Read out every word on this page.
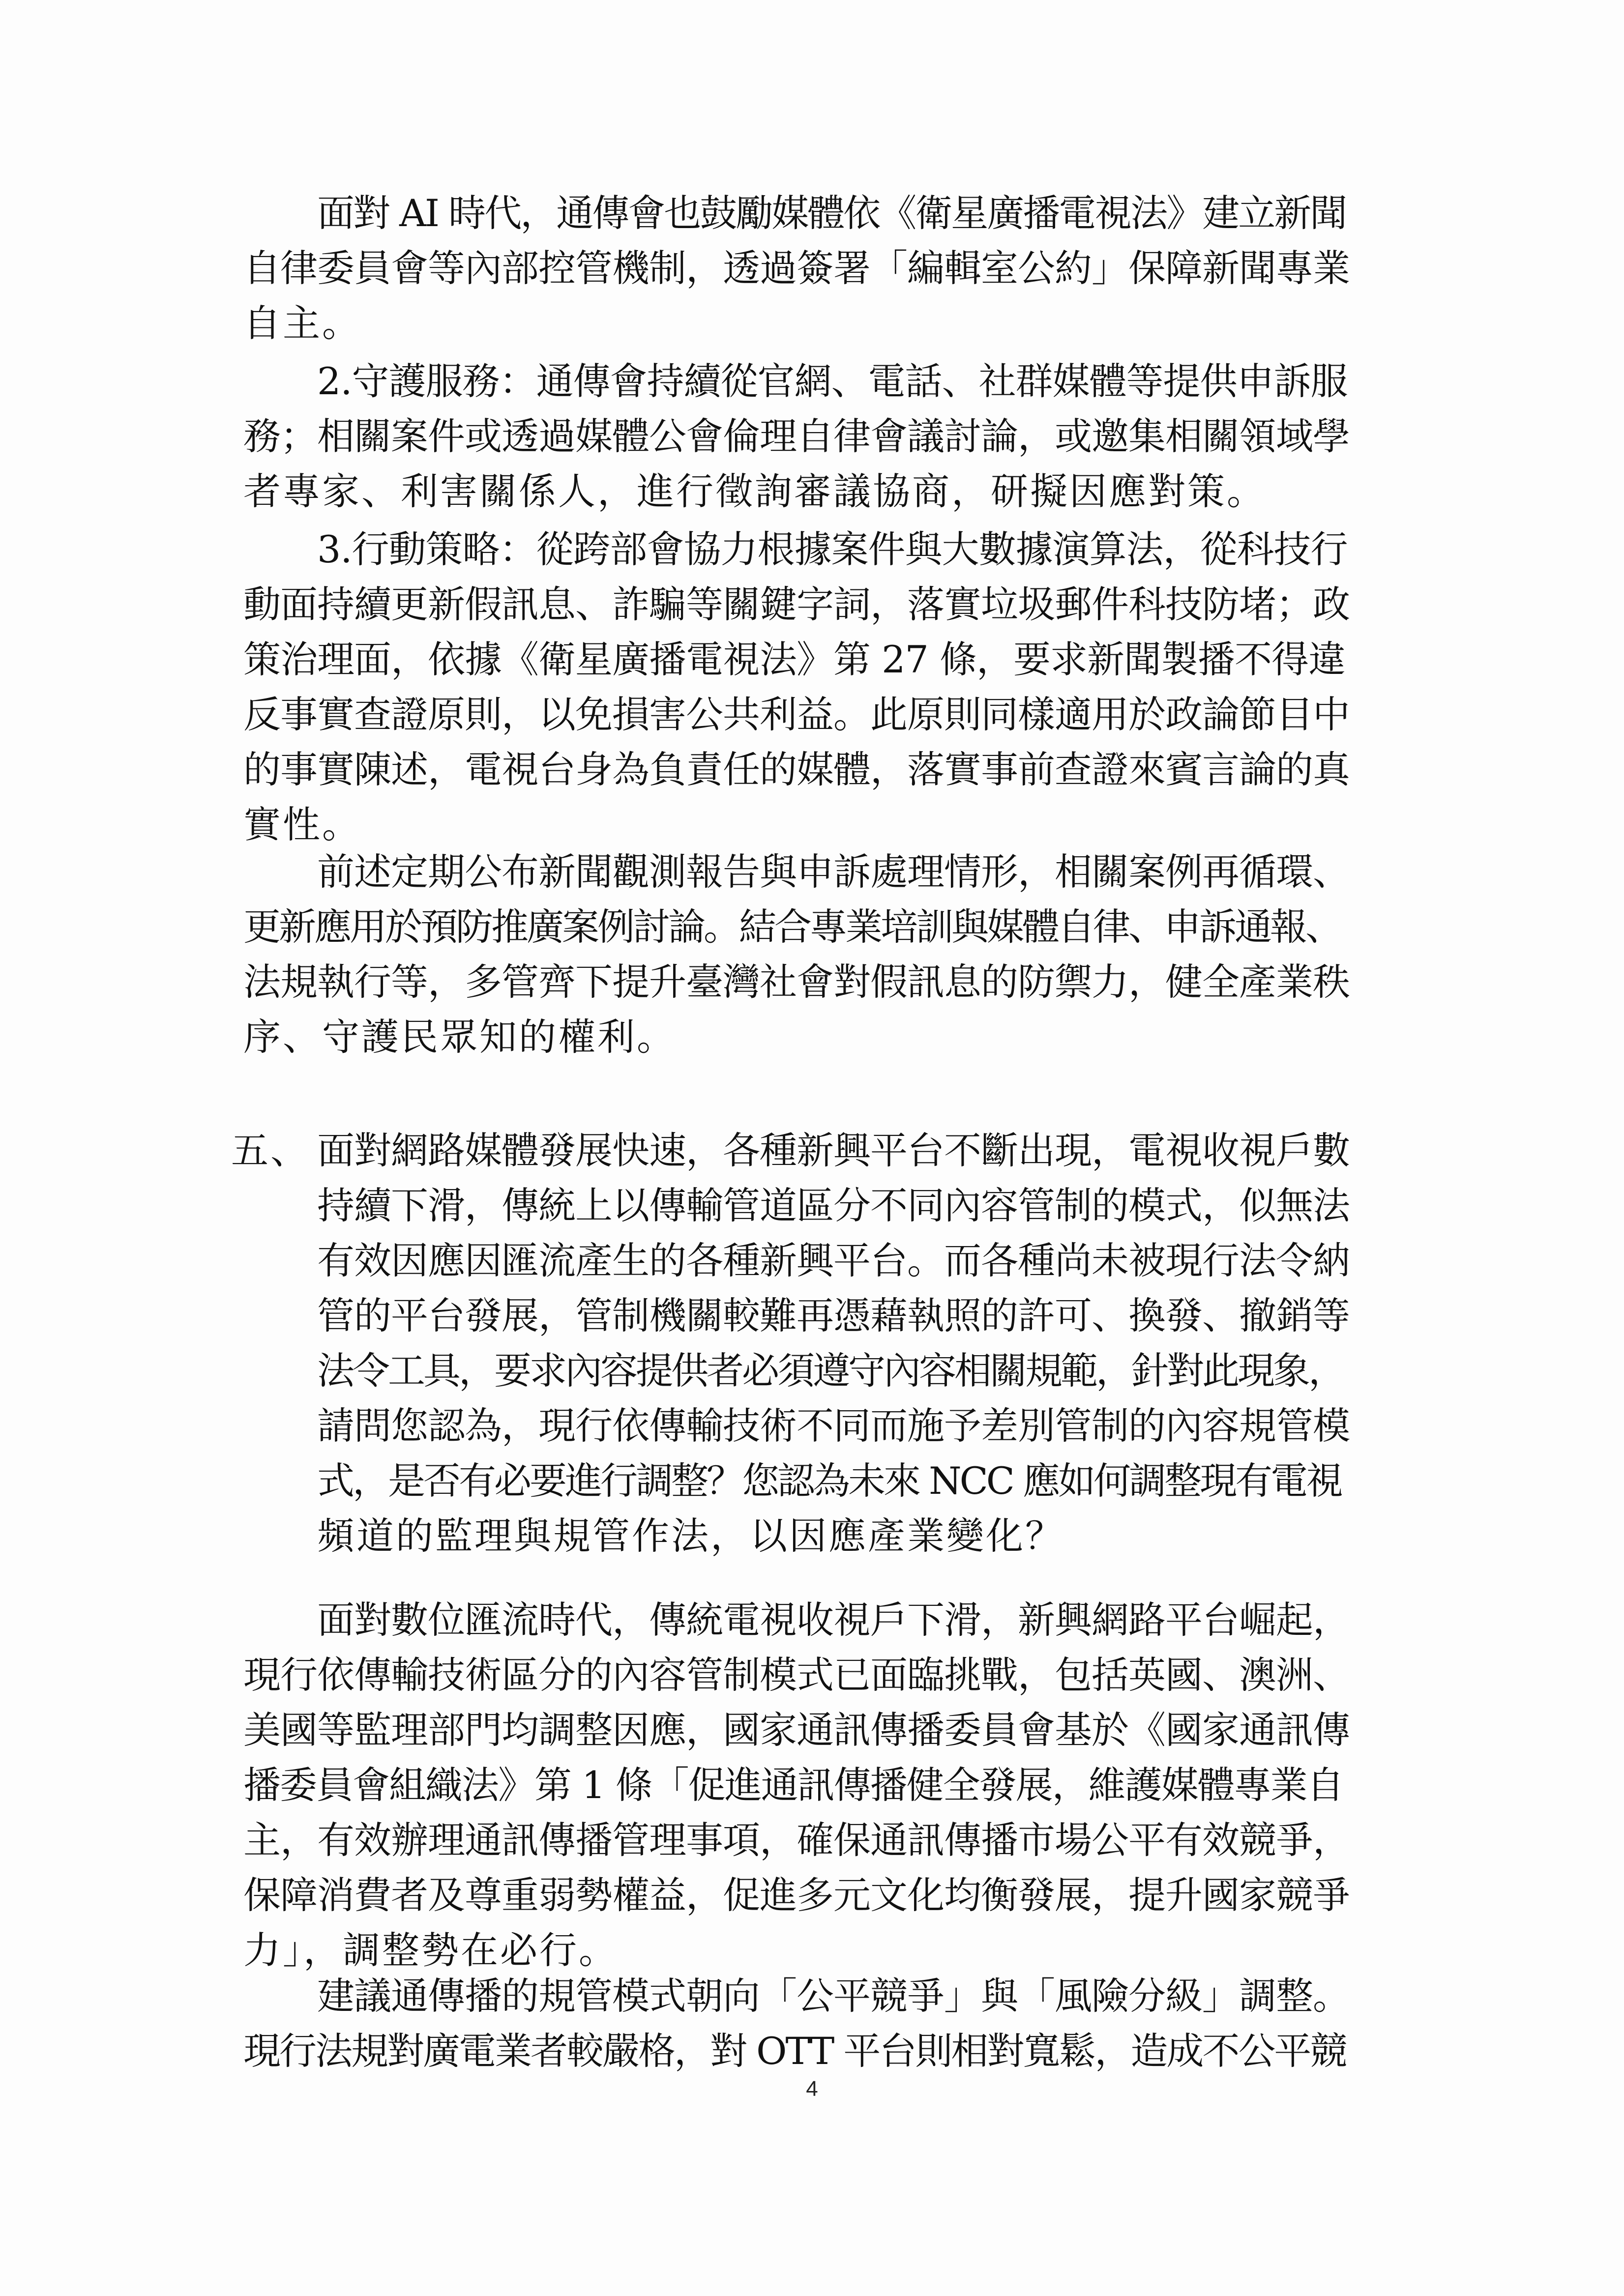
面對 AI 時代，通傳會也鼓勵媒體依《衛星廣播電視法》建立新聞
自律委員會等內部控管機制，透過簽署「編輯室公約」保障新聞專業
自主。
2.守護服務：通傳會持續從官網、電話、社群媒體等提供申訴服
務；相關案件或透過媒體公會倫理自律會議討論，或邀集相關領域學
者專家、利害關係人，進行徵詢審議協商，研擬因應對策。
3.行動策略：從跨部會協力根據案件與大數據演算法，從科技行
動面持續更新假訊息、詐騙等關鍵字詞，落實垃圾郵件科技防堵；政
策治理面，依據《衛星廣播電視法》第 27 條，要求新聞製播不得違
反事實查證原則，以免損害公共利益。此原則同樣適用於政論節目中
的事實陳述，電視台身為負責任的媒體，落實事前查證來賓言論的真
實性。
前述定期公布新聞觀測報告與申訴處理情形，相關案例再循環、
更新應用於預防推廣案例討論。結合專業培訓與媒體自律、申訴通報、
法規執行等，多管齊下提升臺灣社會對假訊息的防禦力，健全產業秩
序、守護民眾知的權利。
五、 面對網路媒體發展快速，各種新興平台不斷出現，電視收視戶數
持續下滑，傳統上以傳輸管道區分不同內容管制的模式，似無法
有效因應因匯流產生的各種新興平台。而各種尚未被現行法令納
管的平台發展，管制機關較難再憑藉執照的許可、換發、撤銷等
法令工具，要求內容提供者必須遵守內容相關規範，針對此現象，
請問您認為，現行依傳輸技術不同而施予差別管制的內容規管模
式，是否有必要進行調整？您認為未來 NCC 應如何調整現有電視
頻道的監理與規管作法，以因應產業變化？
面對數位匯流時代，傳統電視收視戶下滑，新興網路平台崛起，
現行依傳輸技術區分的內容管制模式已面臨挑戰，包括英國、澳洲、
美國等監理部門均調整因應，國家通訊傳播委員會基於《國家通訊傳
播委員會組織法》第 1 條「促進通訊傳播健全發展，維護媒體專業自
主，有效辦理通訊傳播管理事項，確保通訊傳播市場公平有效競爭，
保障消費者及尊重弱勢權益，促進多元文化均衡發展，提升國家競爭
力」，調整勢在必行。
建議通傳播的規管模式朝向「公平競爭」與「風險分級」調整。
現行法規對廣電業者較嚴格，對 OTT 平台則相對寬鬆，造成不公平競
4
